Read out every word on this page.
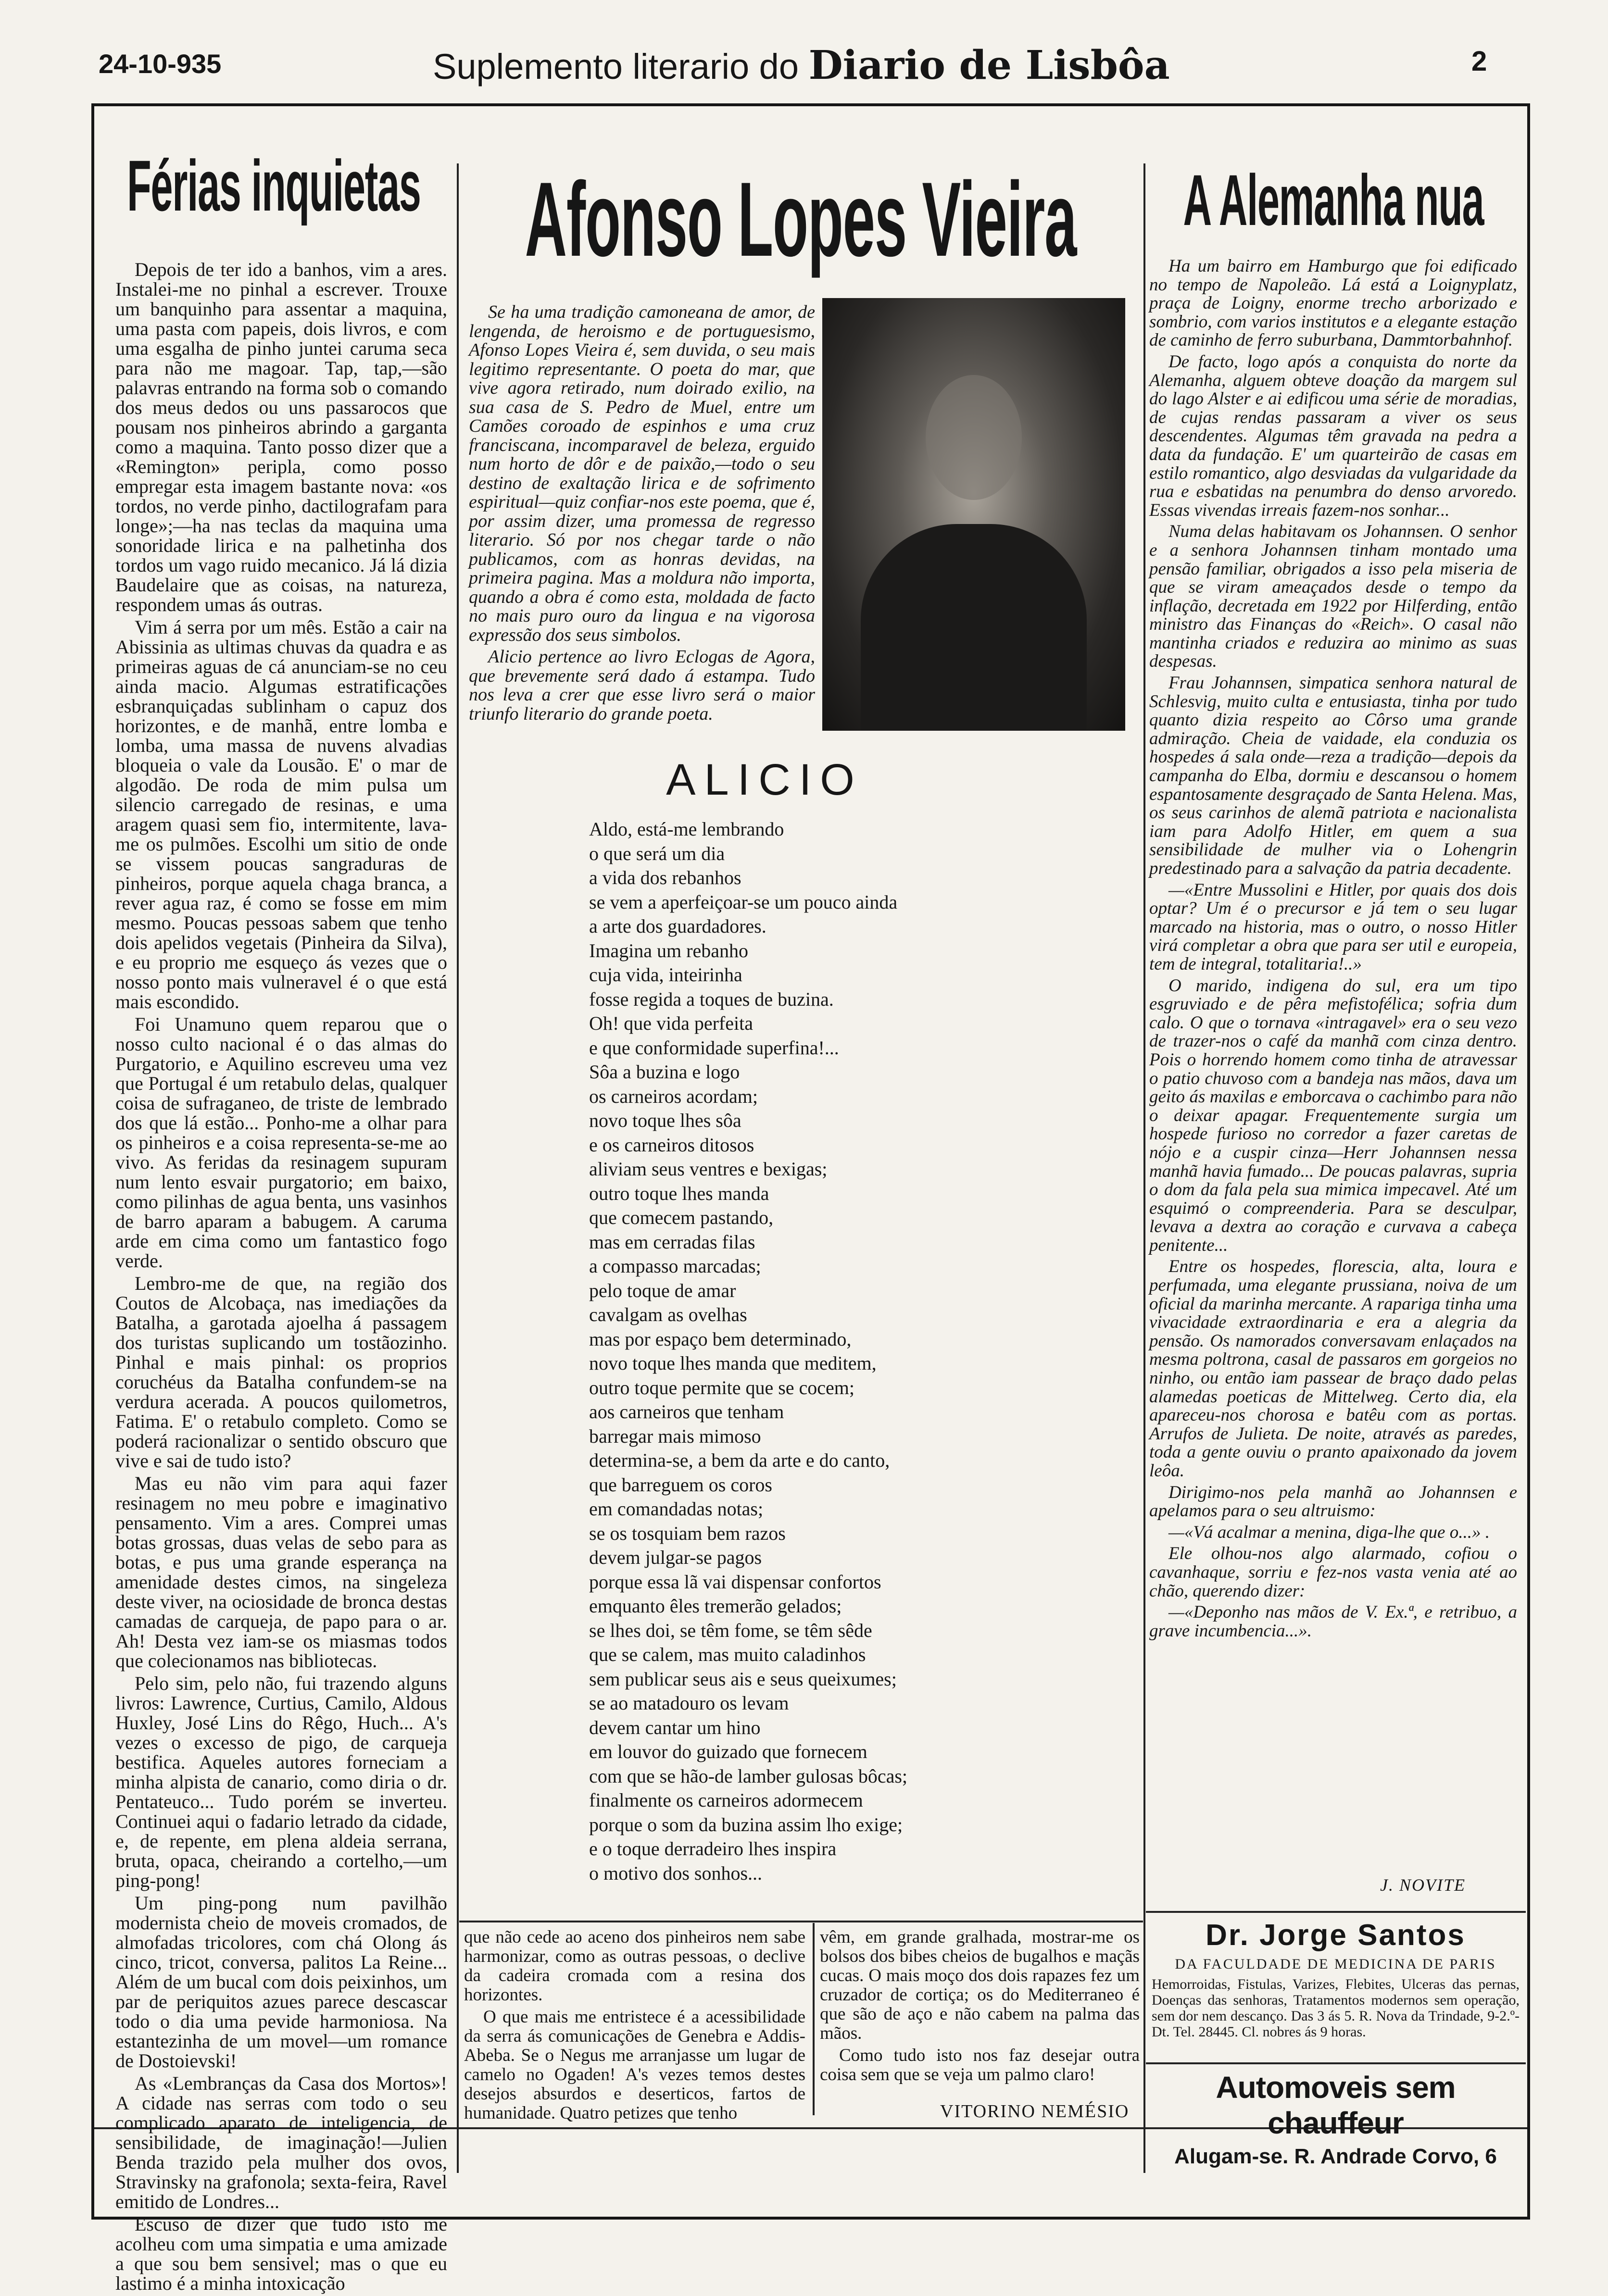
24-10-935	Suplemento literario do Diario de Lisbôa	2
Férias inquietas

Depois de ter ido a banhos, vim a ares. Instalei-me no pinhal a escrever. Trouxe um banquinho para assentar a maquina, uma pasta com papeis, dois livros, e com uma esgalha de pinho juntei caruma seca para não me magoar. Tap, tap,—são palavras entrando na forma sob o comando dos meus dedos ou uns passarocos que pousam nos pinheiros abrindo a garganta como a maquina. Tanto posso dizer que a «Remington» peripla, como posso empregar esta imagem bastante nova: «os tordos, no verde pinho, dactilografam para longe»;—ha nas teclas da maquina uma sonoridade lirica e na palhetinha dos tordos um vago ruido mecanico. Já lá dizia Baudelaire que as coisas, na natureza, respondem umas ás outras.

Vim á serra por um mês. Estão a cair na Abissinia as ultimas chuvas da quadra e as primeiras aguas de cá anunciam-se no ceu ainda macio. Algumas estratificações esbranquiçadas sublinham o capuz dos horizontes, e de manhã, entre lomba e lomba, uma massa de nuvens alvadias bloqueia o vale da Lousão. E' o mar de algodão. De roda de mim pulsa um silencio carregado de resinas, e uma aragem quasi sem fio, intermitente, lava-me os pulmões. Escolhi um sitio de onde se vissem poucas sangraduras de pinheiros, porque aquela chaga branca, a rever agua raz, é como se fosse em mim mesmo. Poucas pessoas sabem que tenho dois apelidos vegetais (Pinheira da Silva), e eu proprio me esqueço ás vezes que o nosso ponto mais vulneravel é o que está mais escondido.

Foi Unamuno quem reparou que o nosso culto nacional é o das almas do Purgatorio, e Aquilino escreveu uma vez que Portugal é um retabulo delas, qualquer coisa de sufraganeo, de triste de lembrado dos que lá estão... Ponho-me a olhar para os pinheiros e a coisa representa-se-me ao vivo. As feridas da resinagem supuram num lento esvair purgatorio; em baixo, como pilinhas de agua benta, uns vasinhos de barro aparam a babugem. A caruma arde em cima como um fantastico fogo verde.

Lembro-me de que, na região dos Coutos de Alcobaça, nas imediações da Batalha, a garotada ajoelha á passagem dos turistas suplicando um tostãozinho. Pinhal e mais pinhal: os proprios coruchéus da Batalha confundem-se na verdura acerada. A poucos quilometros, Fatima. E' o retabulo completo. Como se poderá racionalizar o sentido obscuro que vive e sai de tudo isto?

Mas eu não vim para aqui fazer resinagem no meu pobre e imaginativo pensamento. Vim a ares. Comprei umas botas grossas, duas velas de sebo para as botas, e pus uma grande esperança na amenidade destes cimos, na singeleza deste viver, na ociosidade de bronca destas camadas de carqueja, de papo para o ar. Ah! Desta vez iam-se os miasmas todos que colecionamos nas bibliotecas.

Pelo sim, pelo não, fui trazendo alguns livros: Lawrence, Curtius, Camilo, Aldous Huxley, José Lins do Rêgo, Huch... A's vezes o excesso de pigo, de carqueja bestifica. Aqueles autores forneciam a minha alpista de canario, como diria o dr. Pentateuco... Tudo porém se inverteu. Continuei aqui o fadario letrado da cidade, e, de repente, em plena aldeia serrana, bruta, opaca, cheirando a cortelho,—um ping-pong!

Um ping-pong num pavilhão modernista cheio de moveis cromados, de almofadas tricolores, com chá Olong ás cinco, tricot, conversa, palitos La Reine... Além de um bucal com dois peixinhos, um par de periquitos azues parece descascar todo o dia uma pevide harmoniosa. Na estantezinha de um movel—um romance de Dostoievski!

As «Lembranças da Casa dos Mortos»! A cidade nas serras com todo o seu complicado aparato de inteligencia, de sensibilidade, de imaginação!—Julien Benda trazido pela mulher dos ovos, Stravinsky na grafonola; sexta-feira, Ravel emitido de Londres...

Escuso de dizer que tudo isto me acolheu com uma simpatia e uma amizade a que sou bem sensivel; mas o que eu lastimo é a minha intoxicação

Afonso Lopes Vieira

Se ha uma tradição camoneana de amor, de lengenda, de heroismo e de portuguesismo, Afonso Lopes Vieira é, sem duvida, o seu mais legitimo representante. O poeta do mar, que vive agora retirado, num doirado exilio, na sua casa de S. Pedro de Muel, entre um Camões coroado de espinhos e uma cruz franciscana, incomparavel de beleza, erguido num horto de dôr e de paixão,—todo o seu destino de exaltação lirica e de sofrimento espiritual—quiz confiar-nos este poema, que é, por assim dizer, uma promessa de regresso literario. Só por nos chegar tarde o não publicamos, com as honras devidas, na primeira pagina. Mas a moldura não importa, quando a obra é como esta, moldada de facto no mais puro ouro da lingua e na vigorosa expressão dos seus simbolos.

Alicio pertence ao livro Eclogas de Agora, que brevemente será dado á estampa. Tudo nos leva a crer que esse livro será o maior triunfo literario do grande poeta.

ALICIO
Aldo, está-me lembrando
o que será um dia
a vida dos rebanhos
se vem a aperfeiçoar-se um pouco ainda
a arte dos guardadores.
Imagina um rebanho
cuja vida, inteirinha
fosse regida a toques de buzina.
Oh! que vida perfeita
e que conformidade superfina!...
Sôa a buzina e logo
os carneiros acordam;
novo toque lhes sôa
e os carneiros ditosos
aliviam seus ventres e bexigas;
outro toque lhes manda
que comecem pastando,
mas em cerradas filas
a compasso marcadas;
pelo toque de amar
cavalgam as ovelhas
mas por espaço bem determinado,
novo toque lhes manda que meditem,
outro toque permite que se cocem;
aos carneiros que tenham
barregar mais mimoso
determina-se, a bem da arte e do canto,
que barreguem os coros
em comandadas notas;
se os tosquiam bem razos
devem julgar-se pagos
porque essa lã vai dispensar confortos
emquanto êles tremerão gelados;
se lhes doi, se têm fome, se têm sêde
que se calem, mas muito caladinhos
sem publicar seus ais e seus queixumes;
se ao matadouro os levam
devem cantar um hino
em louvor do guizado que fornecem
com que se hão-de lamber gulosas bôcas;
finalmente os carneiros adormecem
porque o som da buzina assim lho exige;
e o toque derradeiro lhes inspira
o motivo dos sonhos...

que não cede ao aceno dos pinheiros nem sabe harmonizar, como as outras pessoas, o declive da cadeira cromada com a resina dos horizontes.

O que mais me entristece é a acessibilidade da serra ás comunicações de Genebra e Addis-Abeba. Se o Negus me arranjasse um lugar de camelo no Ogaden! A's vezes temos destes desejos absurdos e deserticos, fartos de humanidade. Quatro petizes que tenho

vêm, em grande gralhada, mostrar-me os bolsos dos bibes cheios de bugalhos e maçãs cucas. O mais moço dos dois rapazes fez um cruzador de cortiça; os do Mediterraneo é que são de aço e não cabem na palma das mãos.

Como tudo isto nos faz desejar outra coisa sem que se veja um palmo claro!

VITORINO NEMÉSIO
A Alemanha nua

Ha um bairro em Hamburgo que foi edificado no tempo de Napoleão. Lá está a Loignyplatz, praça de Loigny, enorme trecho arborizado e sombrio, com varios institutos e a elegante estação de caminho de ferro suburbana, Dammtorbahnhof.

De facto, logo após a conquista do norte da Alemanha, alguem obteve doação da margem sul do lago Alster e ai edificou uma série de moradias, de cujas rendas passaram a viver os seus descendentes. Algumas têm gravada na pedra a data da fundação. E' um quarteirão de casas em estilo romantico, algo desviadas da vulgaridade da rua e esbatidas na penumbra do denso arvoredo. Essas vivendas irreais fazem-nos sonhar...

Numa delas habitavam os Johannsen. O senhor e a senhora Johannsen tinham montado uma pensão familiar, obrigados a isso pela miseria de que se viram ameaçados desde o tempo da inflação, decretada em 1922 por Hilferding, então ministro das Finanças do «Reich». O casal não mantinha criados e reduzira ao minimo as suas despesas.

Frau Johannsen, simpatica senhora natural de Schlesvig, muito culta e entusiasta, tinha por tudo quanto dizia respeito ao Côrso uma grande admiração. Cheia de vaidade, ela conduzia os hospedes á sala onde—reza a tradição—depois da campanha do Elba, dormiu e descansou o homem espantosamente desgraçado de Santa Helena. Mas, os seus carinhos de alemã patriota e nacionalista iam para Adolfo Hitler, em quem a sua sensibilidade de mulher via o Lohengrin predestinado para a salvação da patria decadente.

—«Entre Mussolini e Hitler, por quais dos dois optar? Um é o precursor e já tem o seu lugar marcado na historia, mas o outro, o nosso Hitler virá completar a obra que para ser util e europeia, tem de integral, totalitaria!..»

O marido, indigena do sul, era um tipo esgruviado e de pêra mefistofélica; sofria dum calo. O que o tornava «intragavel» era o seu vezo de trazer-nos o café da manhã com cinza dentro. Pois o horrendo homem como tinha de atravessar o patio chuvoso com a bandeja nas mãos, dava um geito ás maxilas e emborcava o cachimbo para não o deixar apagar. Frequentemente surgia um hospede furioso no corredor a fazer caretas de nójo e a cuspir cinza—Herr Johannsen nessa manhã havia fumado... De poucas palavras, supria o dom da fala pela sua mimica impecavel. Até um esquimó o compreenderia. Para se desculpar, levava a dextra ao coração e curvava a cabeça penitente...

Entre os hospedes, florescia, alta, loura e perfumada, uma elegante prussiana, noiva de um oficial da marinha mercante. A rapariga tinha uma vivacidade extraordinaria e era a alegria da pensão. Os namorados conversavam enlaçados na mesma poltrona, casal de passaros em gorgeios no ninho, ou então iam passear de braço dado pelas alamedas poeticas de Mittelweg. Certo dia, ela apareceu-nos chorosa e batêu com as portas. Arrufos de Julieta. De noite, através as paredes, toda a gente ouviu o pranto apaixonado da jovem leôa.

Dirigimo-nos pela manhã ao Johannsen e apelamos para o seu altruismo:

—«Vá acalmar a menina, diga-lhe que o...» .

Ele olhou-nos algo alarmado, cofiou o cavanhaque, sorriu e fez-nos vasta venia até ao chão, querendo dizer:

—«Deponho nas mãos de V. Ex.ª, e retribuo, a grave incumbencia...».

J. NOVITE
Dr. Jorge Santos
DA FACULDADE DE MEDICINA DE PARIS
Hemorroidas, Fistulas, Varizes, Flebites, Ulceras das pernas, Doenças das senhoras, Tratamentos modernos sem operação, sem dor nem descanço. Das 3 ás 5. R. Nova da Trindade, 9-2.º-Dt. Tel. 28445. Cl. nobres ás 9 horas.
Automoveis sem chauffeur
Alugam-se. R. Andrade Corvo, 6
